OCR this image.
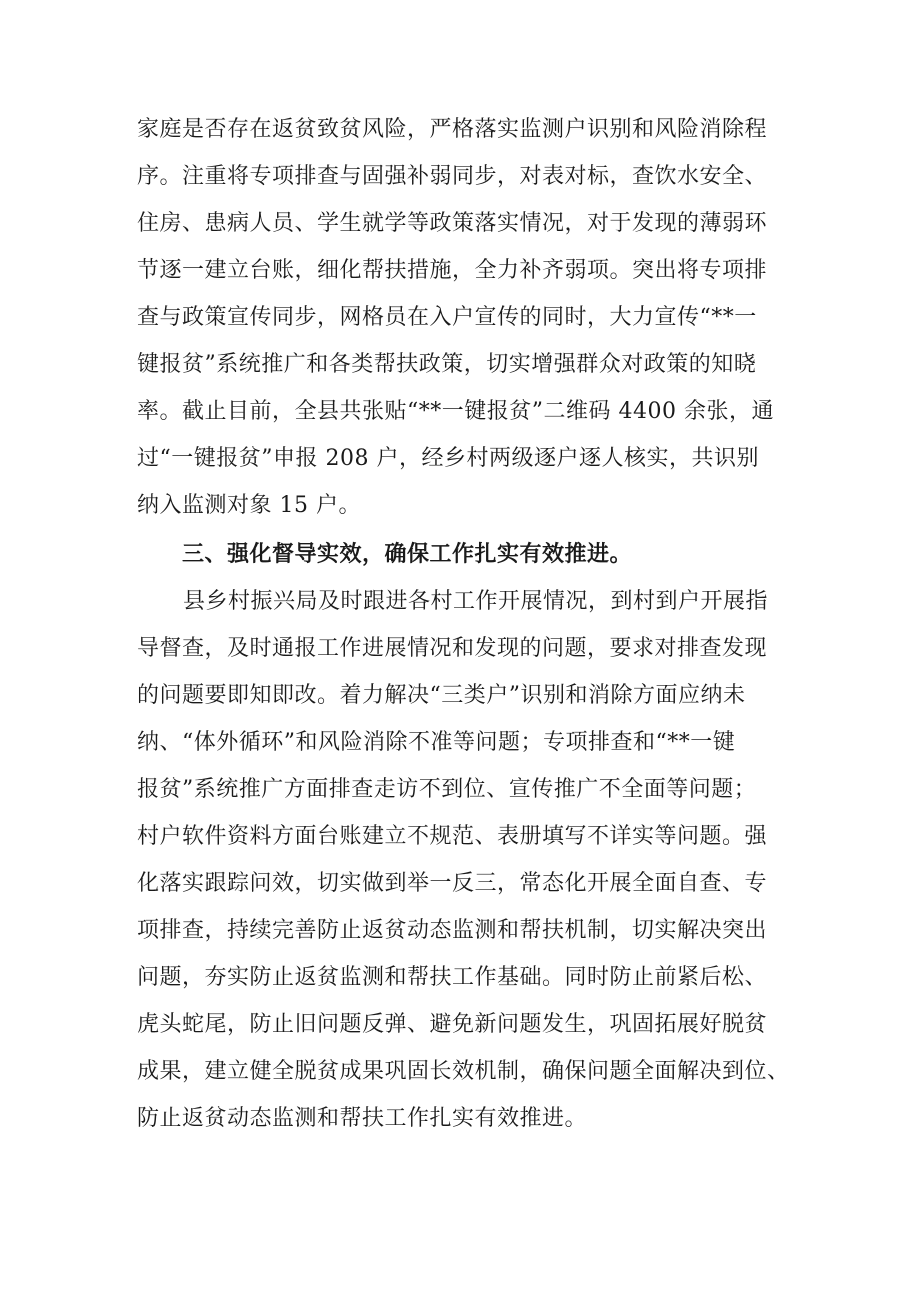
家庭是否存在返贫致贫风险，严格落实监测户识别和风险消除程
序。注重将专项排查与固强补弱同步，对表对标，查饮水安全、
住房、患病人员、学生就学等政策落实情况，对于发现的薄弱环
节逐一建立台账，细化帮扶措施，全力补齐弱项。突出将专项排
查与政策宣传同步，网格员在入户宣传的同时，大力宣传“**一
键报贫”系统推广和各类帮扶政策，切实增强群众对政策的知晓
率。截止目前，全县共张贴“**一键报贫”二维码 4400 余张，通
过“一键报贫”申报 208 户，经乡村两级逐户逐人核实，共识别
纳入监测对象 15 户。
三、强化督导实效，确保工作扎实有效推进。
县乡村振兴局及时跟进各村工作开展情况，到村到户开展指
导督查，及时通报工作进展情况和发现的问题，要求对排查发现
的问题要即知即改。着力解决“三类户”识别和消除方面应纳未
纳、“体外循环”和风险消除不准等问题；专项排查和“**一键
报贫”系统推广方面排查走访不到位、宣传推广不全面等问题；
村户软件资料方面台账建立不规范、表册填写不详实等问题。强
化落实跟踪问效，切实做到举一反三，常态化开展全面自查、专
项排查，持续完善防止返贫动态监测和帮扶机制，切实解决突出
问题，夯实防止返贫监测和帮扶工作基础。同时防止前紧后松、
虎头蛇尾，防止旧问题反弹、避免新问题发生，巩固拓展好脱贫
成果，建立健全脱贫成果巩固长效机制，确保问题全面解决到位、
防止返贫动态监测和帮扶工作扎实有效推进。
